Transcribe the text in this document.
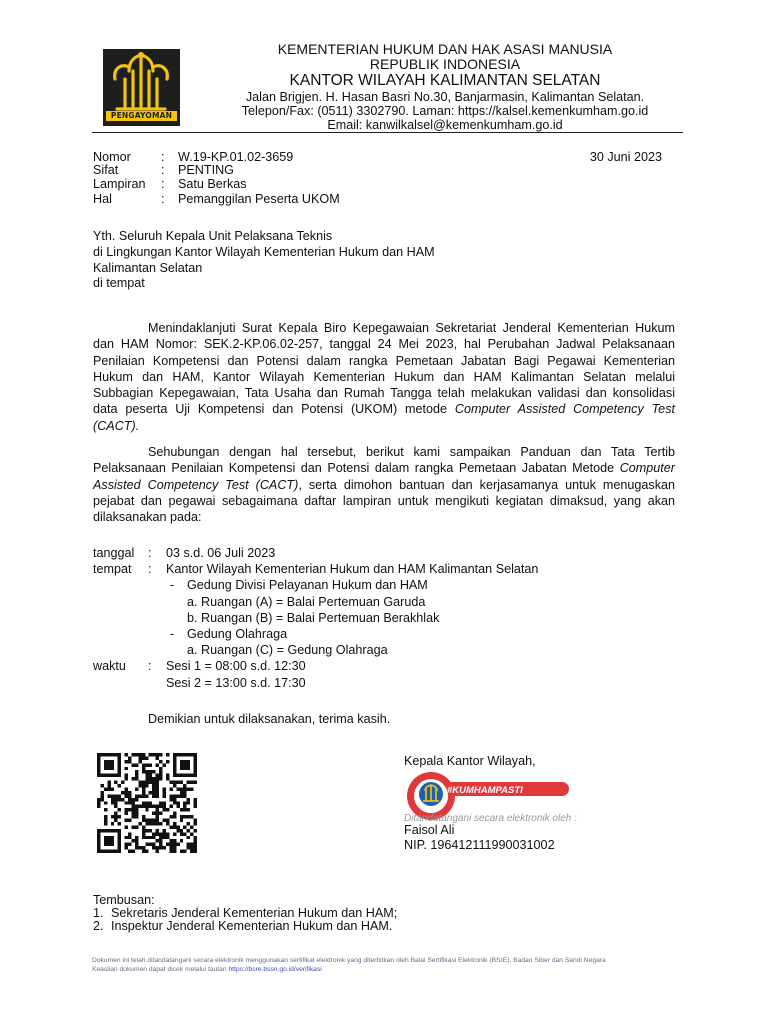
PENGAYOMAN
KEMENTERIAN HUKUM DAN HAK ASASI MANUSIA
REPUBLIK INDONESIA
KANTOR WILAYAH KALIMANTAN SELATAN
Jalan Brigjen. H. Hasan Basri No.30, Banjarmasin, Kalimantan Selatan.
Telepon/Fax: (0511) 3302790. Laman: https://kalsel.kemenkumham.go.id
Email: kanwilkalsel@kemenkumham.go.id
Nomor : W.19-KP.01.02-3659	30 Juni 2023
Sifat	: PENTING
Lampiran : Satu Berkas
Hal	: Pemanggilan Peserta UKOM
Yth. Seluruh Kepala Unit Pelaksana Teknis
di Lingkungan Kantor Wilayah Kementerian Hukum dan HAM
Kalimantan Selatan
di tempat
Menindaklanjuti Surat Kepala Biro Kepegawaian Sekretariat Jenderal Kementerian Hukum
dan HAM Nomor: SEK.2-KP.06.02-257, tanggal 24 Mei 2023, hal Perubahan Jadwal Pelaksanaan
Penilaian Kompetensi dan Potensi dalam rangka Pemetaan Jabatan Bagi Pegawai Kementerian
Hukum dan HAM, Kantor Wilayah Kementerian Hukum dan HAM Kalimantan Selatan melalui
Subbagian Kepegawaian, Tata Usaha dan Rumah Tangga telah melakukan validasi dan konsolidasi
data peserta Uji Kompetensi dan Potensi (UKOM) metode Computer Assisted Competency Test
(CACT).
Sehubungan dengan hal tersebut, berikut kami sampaikan Panduan dan Tata Tertib
Pelaksanaan Penilaian Kompetensi dan Potensi dalam rangka Pemetaan Jabatan Metode Computer
Assisted Competency Test (CACT), serta dimohon bantuan dan kerjasamanya untuk menugaskan
pejabat dan pegawai sebagaimana daftar lampiran untuk mengikuti kegiatan dimaksud, yang akan
dilaksanakan pada:
tanggal : 03 s.d. 06 Juli 2023
tempat : Kantor Wilayah Kementerian Hukum dan HAM Kalimantan Selatan
- Gedung Divisi Pelayanan Hukum dan HAM
a. Ruangan (A) = Balai Pertemuan Garuda
b. Ruangan (B) = Balai Pertemuan Berakhlak
- Gedung Olahraga
a. Ruangan (C) = Gedung Olahraga
waktu : Sesi 1 = 08:00 s.d. 12:30
Sesi 2 = 13:00 s.d. 17:30
Demikian untuk dilaksanakan, terima kasih.
Kepala Kantor Wilayah,
#KUMHAMPASTI
Ditandatangani secara elektronik oleh :
Faisol Ali
NIP. 196412111990031002
Tembusan:
1. Sekretaris Jenderal Kementerian Hukum dan HAM;
2. Inspektur Jenderal Kementerian Hukum dan HAM.
Dokumen ini telah ditandatangani secara elektronik menggunakan sertifikat elektronik yang diterbitkan oleh Balai Sertifikasi Elektronik (BSrE), Badan Siber dan Sandi Negara
Keaslian dokumen dapat dicek melalui tautan https://bsre.bssn.go.id/verifikasi
